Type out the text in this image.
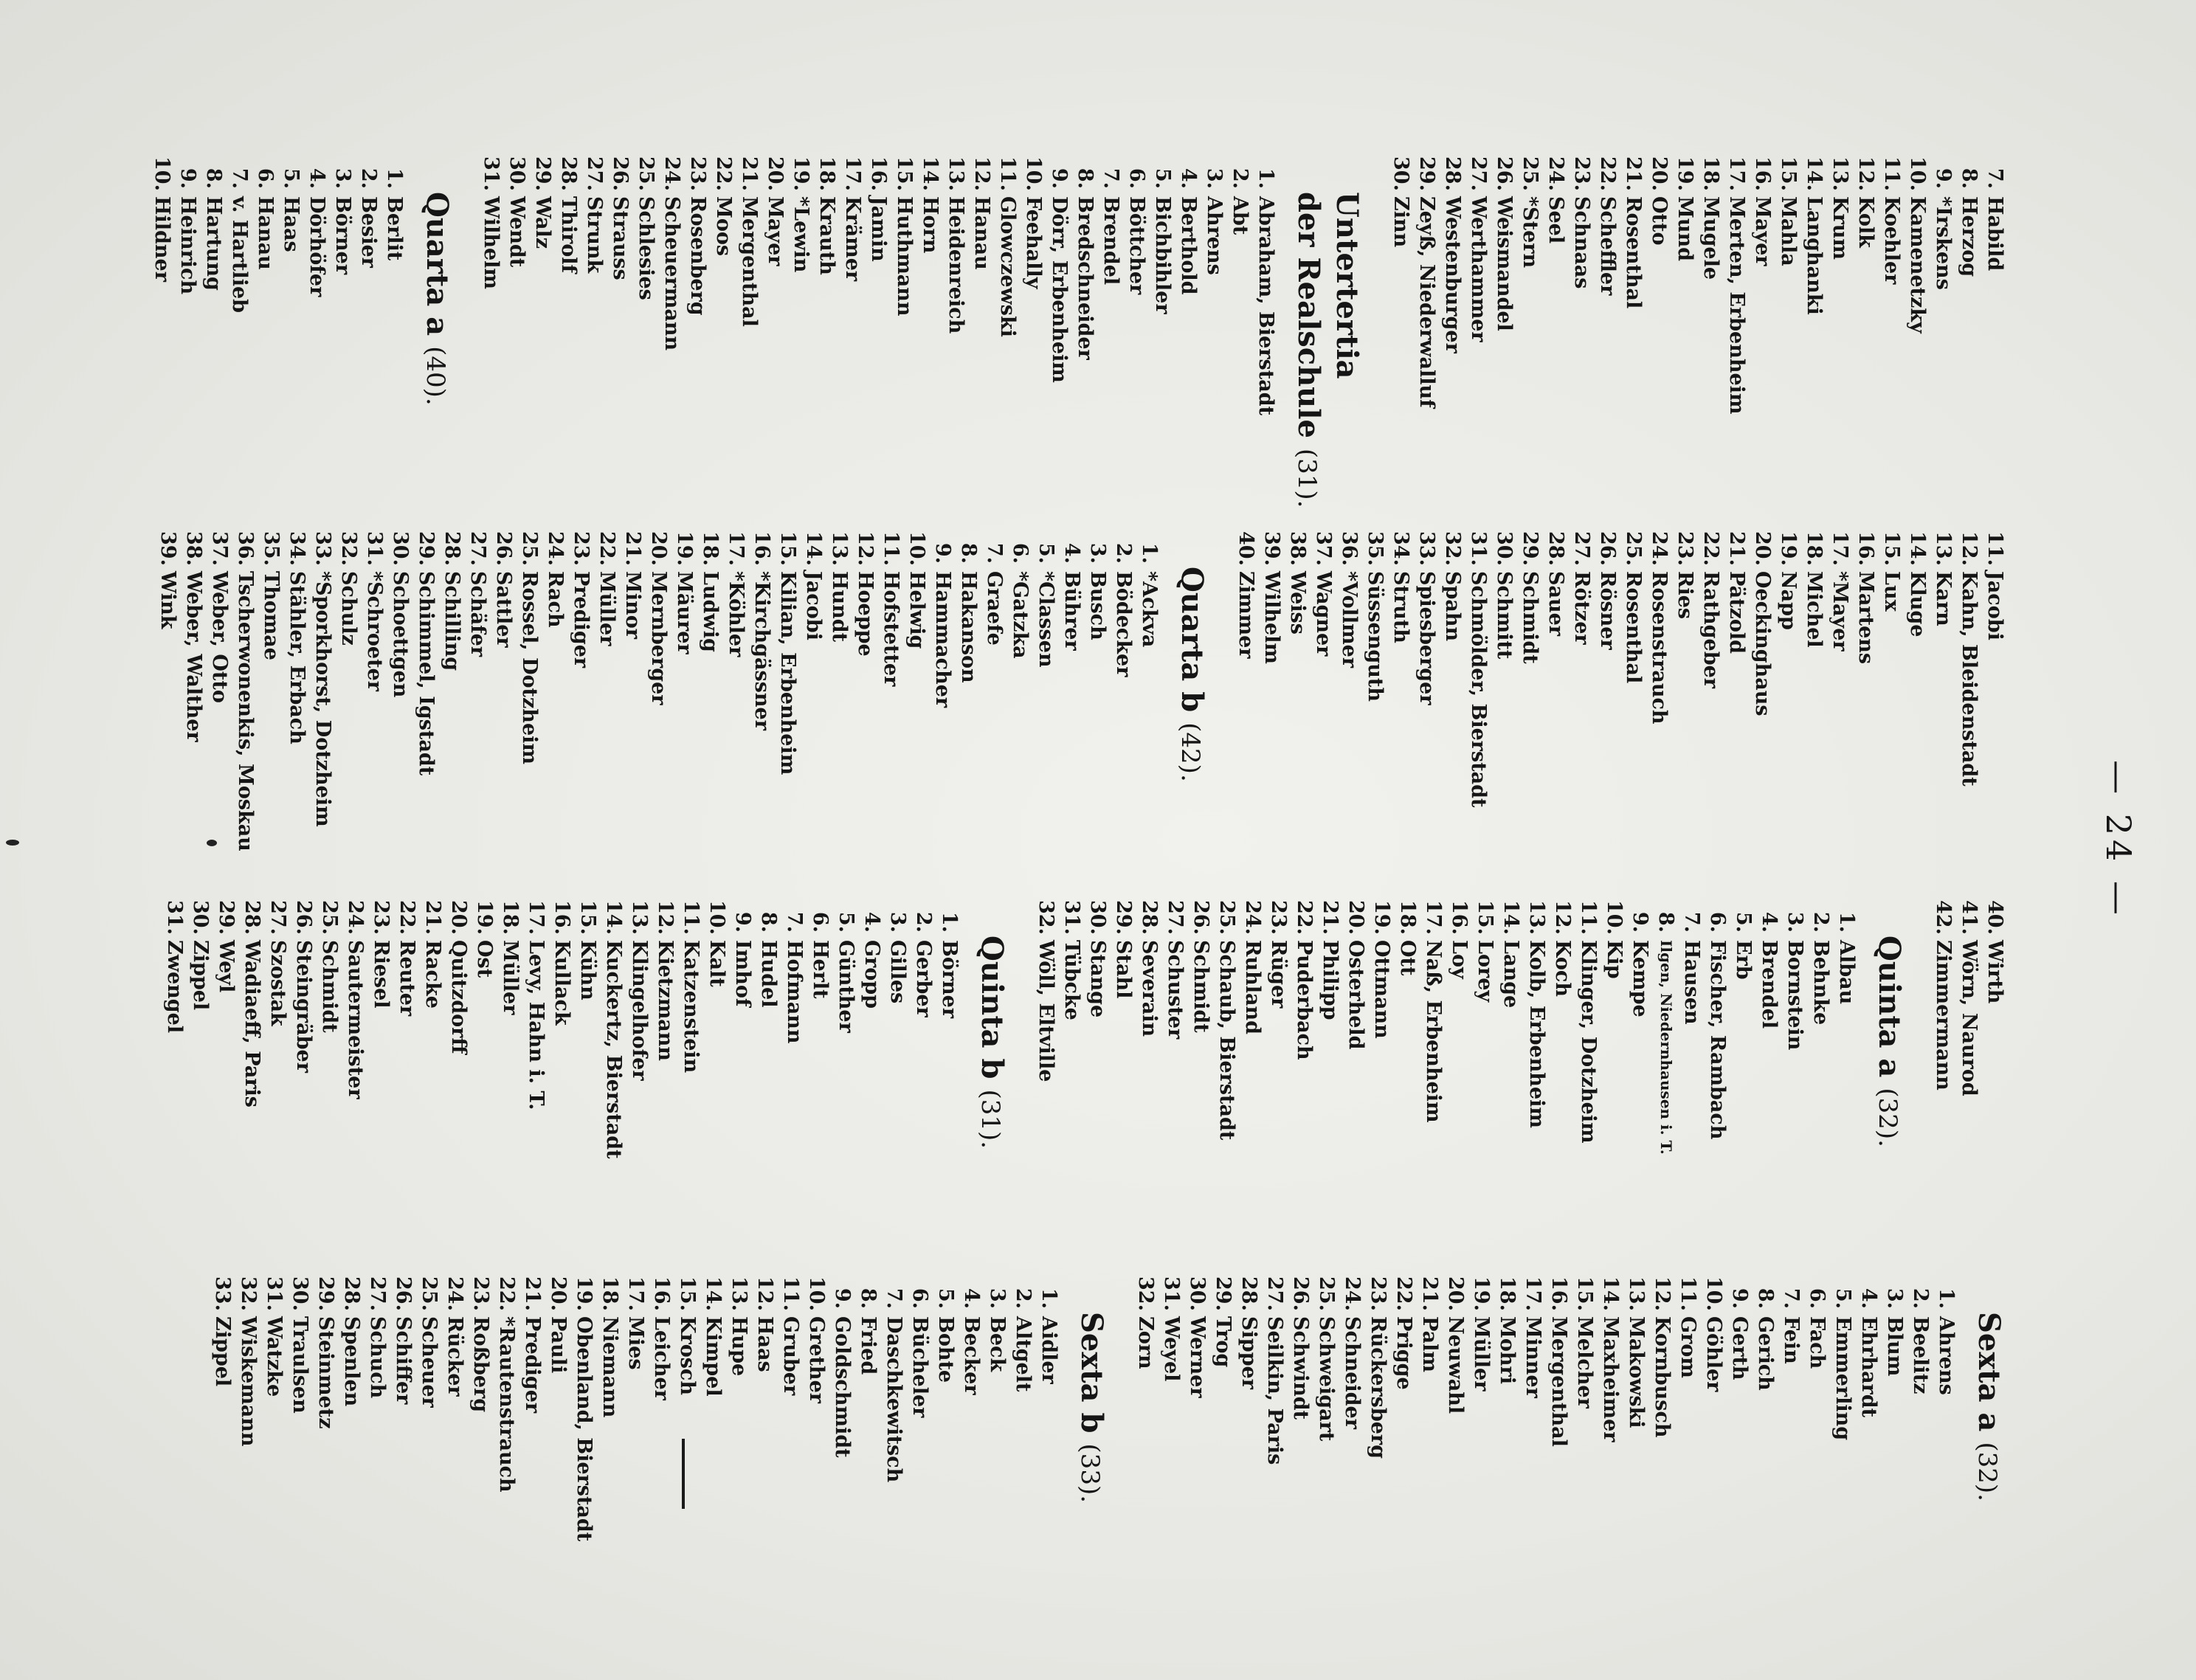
— 24 —
7.
Habild
8.
Herzog
9.
*Irskens
10.
Kamenetzky
11.
Koehler
12.
Kolk
13.
Krum
14.
Langhanki
15.
Mahla
16.
Mayer
17.
Merten, Erbenheim
18.
Mugele
19.
Mund
20.
Otto
21.
Rosenthal
22.
Scheffler
23.
Schnaas
24.
Seel
25.
*Stern
26.
Weismandel
27.
Werthammer
28.
Westenburger
29.
Zeyß, Niederwalluf
30.
Zinn
Untertertia
der Realschule (31).
1.
Abraham, Bierstadt
2.
Abt
3.
Ahrens
4.
Berthold
5.
Bichbihler
6.
Böttcher
7.
Brendel
8.
Bredschneider
9.
Dörr, Erbenheim
10.
Feehally
11.
Glowczewski
12.
Hanau
13.
Heidenreich
14.
Horn
15.
Huthmann
16.
Jamin
17.
Krämer
18.
Krauth
19.
*Lewin
20.
Mayer
21.
Mergenthal
22.
Moos
23.
Rosenberg
24.
Scheuermann
25.
Schlesies
26.
Strauss
27.
Strunk
28.
Thirolf
29.
Walz
30.
Wendt
31.
Wilhelm
Quarta a (40).
1.
Berlit
2.
Besier
3.
Börner
4.
Dörhöfer
5.
Haas
6.
Hanau
7.
v. Hartlieb
8.
Hartung
9.
Heinrich
10.
Hildner
11.
Jacobi
12.
Kahn, Bleidenstadt
13.
Karn
14.
Kluge
15.
Lux
16.
Martens
17.
*Mayer
18.
Michel
19.
Napp
20.
Oeckinghaus
21.
Pätzold
22.
Rathgeber
23.
Ries
24.
Rosenstrauch
25.
Rosenthal
26.
Rösner
27.
Rötzer
28.
Sauer
29.
Schmidt
30.
Schmitt
31.
Schmölder, Bierstadt
32.
Spahn
33.
Spiesberger
34.
Struth
35.
Süssenguth
36.
*Vollmer
37.
Wagner
38.
Weiss
39.
Wilhelm
40.
Zimmer
Quarta b (42).
1.
*Ackva
2.
Bödecker
3.
Busch
4.
Bührer
5.
*Classen
6.
*Gatzka
7.
Graefe
8.
Hakanson
9.
Hammacher
10.
Helwig
11.
Hofstetter
12.
Hoeppe
13.
Hundt
14.
Jacobi
15.
Kilian, Erbenheim
16.
*Kirchgässner
17.
*Köhler
18.
Ludwig
19.
Mäurer
20.
Mernberger
21.
Minor
22.
Müller
23.
Prediger
24.
Rach
25.
Rossel, Dotzheim
26.
Sattler
27.
Schäfer
28.
Schilling
29.
Schimmel, Igstadt
30.
Schoettgen
31.
*Schroeter
32.
Schulz
33.
*Sporkhorst, Dotzheim
34.
Stähler, Erbach
35.
Thomae
36.
Tscherwonenkis, Moskau
37.
Weber, Otto
38.
Weber, Walther
39.
Wink
40.
Wirth
41.
Wörn, Naurod
42.
Zimmermann
Quinta a (32).
1.
Albau
2.
Behnke
3.
Bornstein
4.
Brendel
5.
Erb
6.
Fischer, Rambach
7.
Hausen
8.
Ilgen, Niedernhausen i. T.
9.
Kempe
10.
Kip
11.
Klinger, Dotzheim
12.
Koch
13.
Kolb, Erbenheim
14.
Lange
15.
Lorey
16.
Loy
17.
Naß, Erbenheim
18.
Ott
19.
Ottmann
20.
Osterheld
21.
Philipp
22.
Puderbach
23.
Rüger
24.
Ruhland
25.
Schaub, Bierstadt
26.
Schmidt
27.
Schuster
28.
Severain
29.
Stahl
30.
Stange
31.
Tübcke
32.
Wöll, Eltville
Quinta b (31).
1.
Börner
2.
Gerber
3.
Gilles
4.
Gropp
5.
Günther
6.
Herlt
7.
Hofmann
8.
Hudel
9.
Imhof
10.
Kalt
11.
Katzenstein
12.
Kietzmann
13.
Klingelhofer
14.
Kuckertz, Bierstadt
15.
Kühn
16.
Kullack
17.
Levy, Hahn i. T.
18.
Müller
19.
Ost
20.
Quitzdorff
21.
Racke
22.
Reuter
23.
Riesel
24.
Sautermeister
25.
Schmidt
26.
Steingräber
27.
Szostak
28.
Wadiaeff, Paris
29.
Weyl
30.
Zippel
31.
Zwengel
Sexta a (32).
1.
Ahrens
2.
Beelitz
3.
Blum
4.
Ehrhardt
5.
Emmerling
6.
Fach
7.
Fein
8.
Gerich
9.
Gerth
10.
Göhler
11.
Grom
12.
Kornbusch
13.
Makowski
14.
Maxheimer
15.
Melcher
16.
Mergenthal
17.
Minner
18.
Mohri
19.
Müller
20.
Neuwahl
21.
Palm
22.
Prigge
23.
Rückersberg
24.
Schneider
25.
Schweigart
26.
Schwindt
27.
Seilkin, Paris
28.
Sipper
29.
Trog
30.
Werner
31.
Weyel
32.
Zorn
Sexta b (33).
1.
Aidler
2.
Altgelt
3.
Beck
4.
Becker
5.
Bohte
6.
Bücheler
7.
Daschkewitsch
8.
Fried
9.
Goldschmidt
10.
Grether
11.
Gruber
12.
Haas
13.
Hupe
14.
Kimpel
15.
Krosch
16.
Leicher
17.
Mies
18.
Niemann
19.
Obenland, Bierstadt
20.
Pauli
21.
Prediger
22.
*Rautenstrauch
23.
Roßberg
24.
Rücker
25.
Scheuer
26.
Schiffer
27.
Schuch
28.
Spenlen
29.
Steinmetz
30.
Traulsen
31.
Watzke
32.
Wiskemann
33.
Zippel
